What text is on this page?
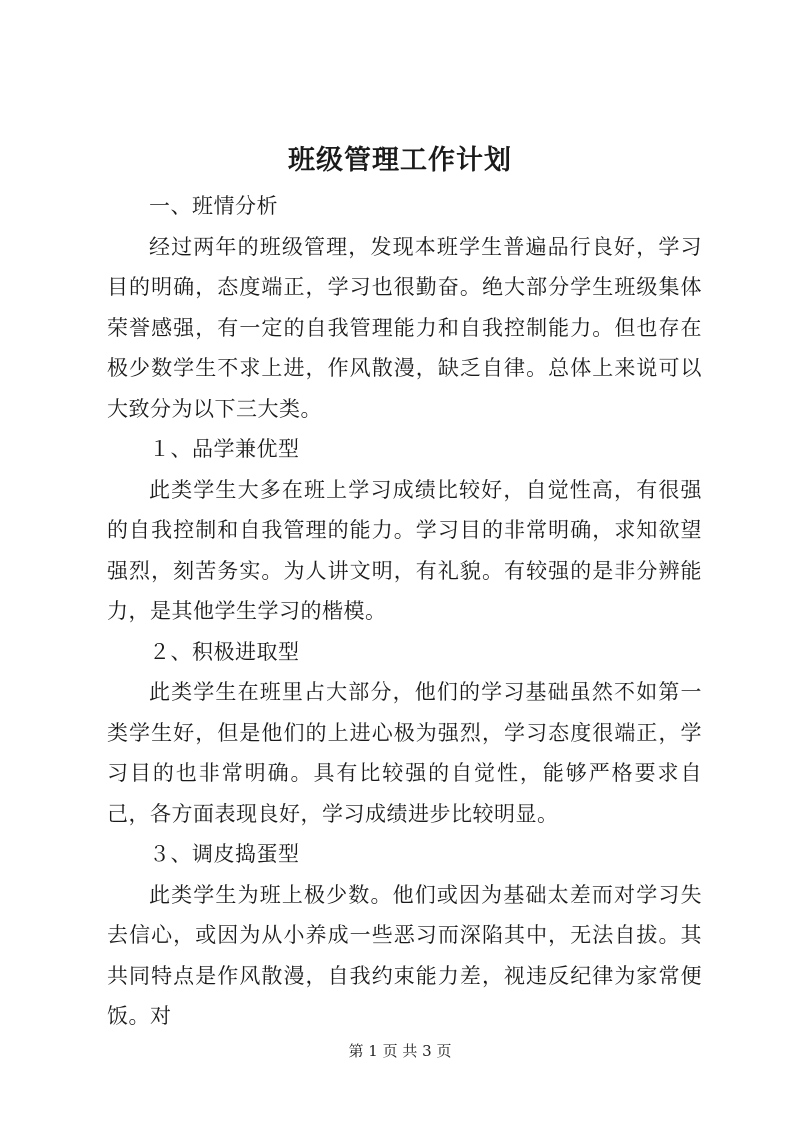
班级管理工作计划

一、班情分析

经过两年的班级管理，发现本班学生普遍品行良好，学习目的明确，态度端正，学习也很勤奋。绝大部分学生班级集体荣誉感强，有一定的自我管理能力和自我控制能力。但也存在极少数学生不求上进，作风散漫，缺乏自律。总体上来说可以大致分为以下三大类。

１、品学兼优型

此类学生大多在班上学习成绩比较好，自觉性高，有很强的自我控制和自我管理的能力。学习目的非常明确，求知欲望强烈，刻苦务实。为人讲文明，有礼貌。有较强的是非分辨能力，是其他学生学习的楷模。

２、积极进取型

此类学生在班里占大部分，他们的学习基础虽然不如第一类学生好，但是他们的上进心极为强烈，学习态度很端正，学习目的也非常明确。具有比较强的自觉性，能够严格要求自己，各方面表现良好，学习成绩进步比较明显。

３、调皮捣蛋型

此类学生为班上极少数。他们或因为基础太差而对学习失去信心，或因为从小养成一些恶习而深陷其中，无法自拔。其共同特点是作风散漫，自我约束能力差，视违反纪律为家常便饭。对

第 1 页 共 3 页
